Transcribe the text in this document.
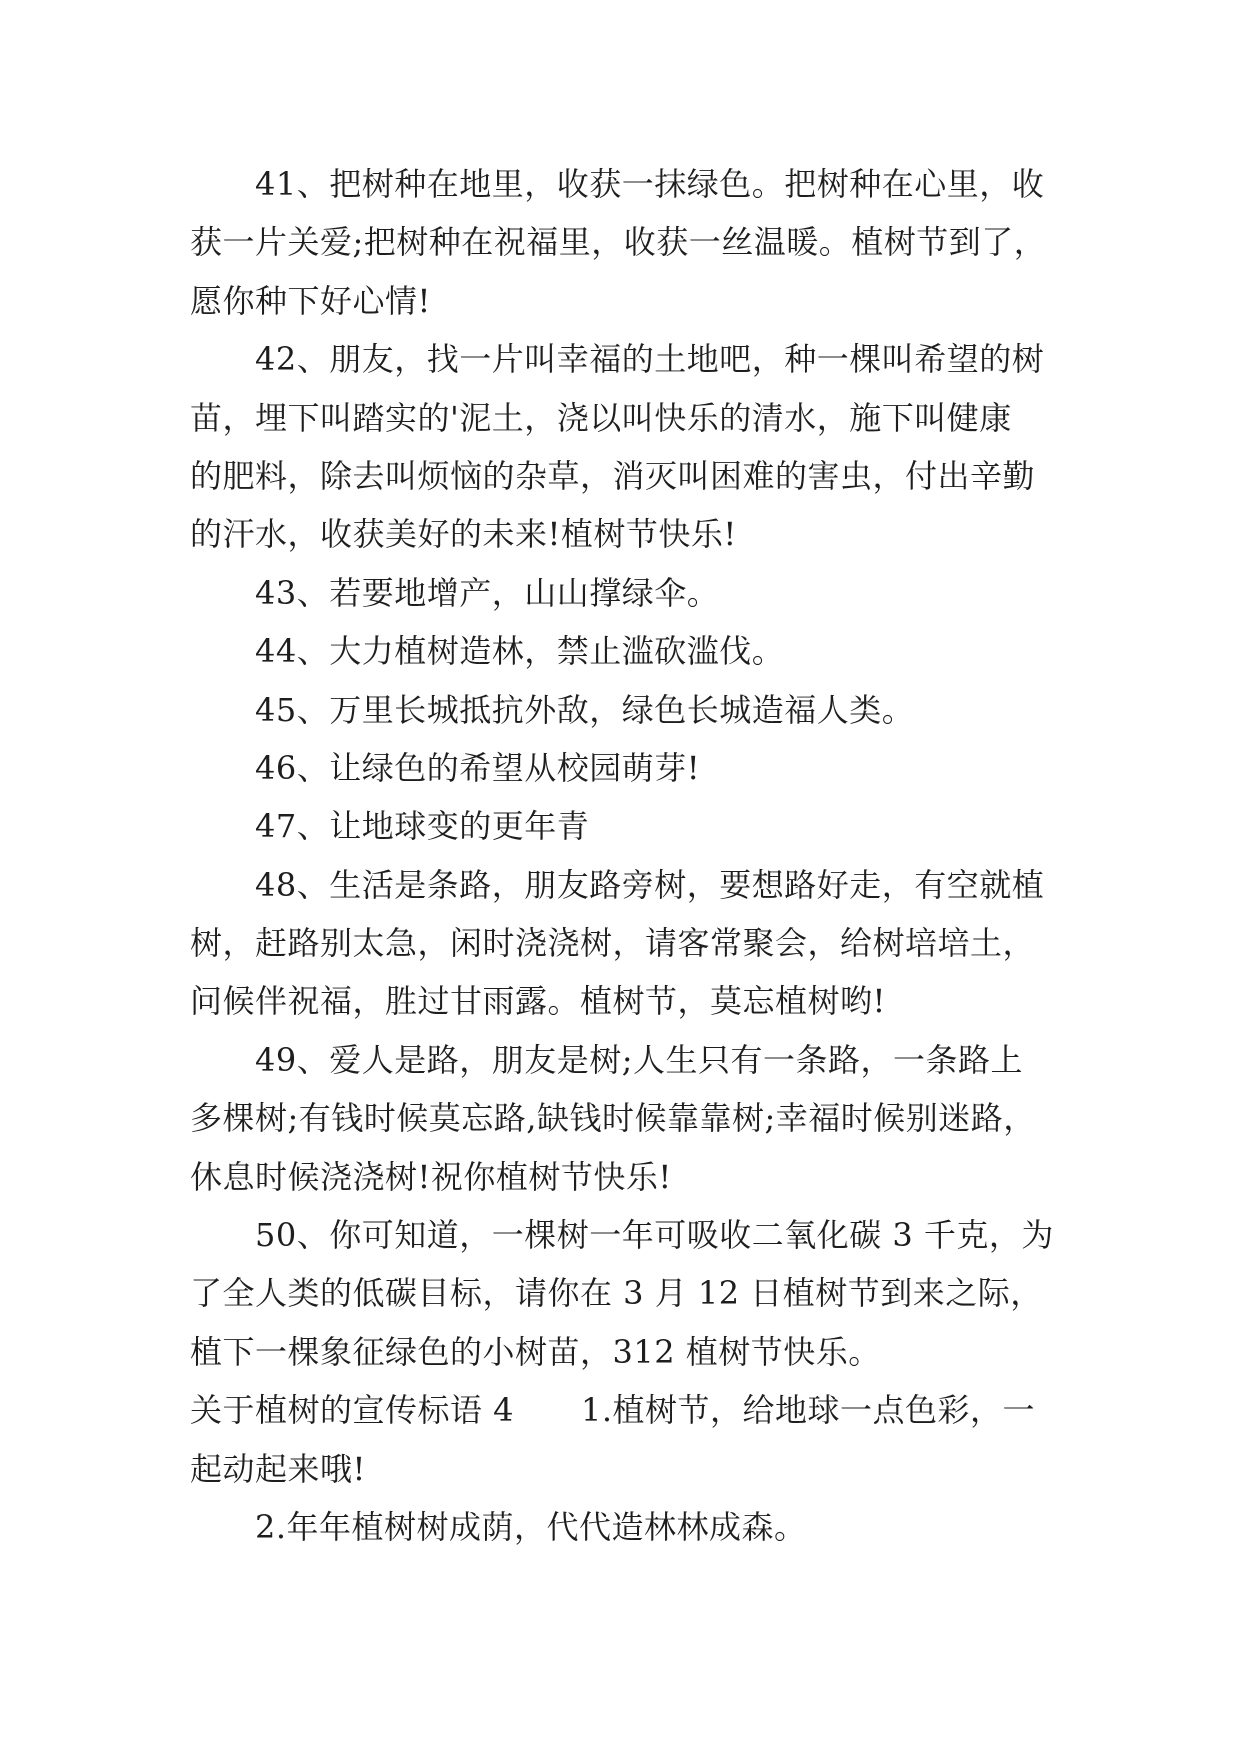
41、把树种在地里，收获一抹绿色。把树种在心里，收
获一片关爱;把树种在祝福里，收获一丝温暖。植树节到了，
愿你种下好心情!
42、朋友，找一片叫幸福的土地吧，种一棵叫希望的树
苗，埋下叫踏实的'泥土，浇以叫快乐的清水，施下叫健康
的肥料，除去叫烦恼的杂草，消灭叫困难的害虫，付出辛勤
的汗水，收获美好的未来!植树节快乐!
43、若要地增产，山山撑绿伞。
44、大力植树造林，禁止滥砍滥伐。
45、万里长城抵抗外敌，绿色长城造福人类。
46、让绿色的希望从校园萌芽!
47、让地球变的更年青
48、生活是条路，朋友路旁树，要想路好走，有空就植
树，赶路别太急，闲时浇浇树，请客常聚会，给树培培土，
问候伴祝福，胜过甘雨露。植树节，莫忘植树哟!
49、爱人是路，朋友是树;人生只有一条路，一条路上
多棵树;有钱时候莫忘路,缺钱时候靠靠树;幸福时候别迷路，
休息时候浇浇树!祝你植树节快乐!
50、你可知道，一棵树一年可吸收二氧化碳 3 千克，为
了全人类的低碳目标，请你在 3 月 12 日植树节到来之际，
植下一棵象征绿色的小树苗，312 植树节快乐。
关于植树的宣传标语 4 1.植树节，给地球一点色彩，一
起动起来哦!
2.年年植树树成荫，代代造林林成森。
